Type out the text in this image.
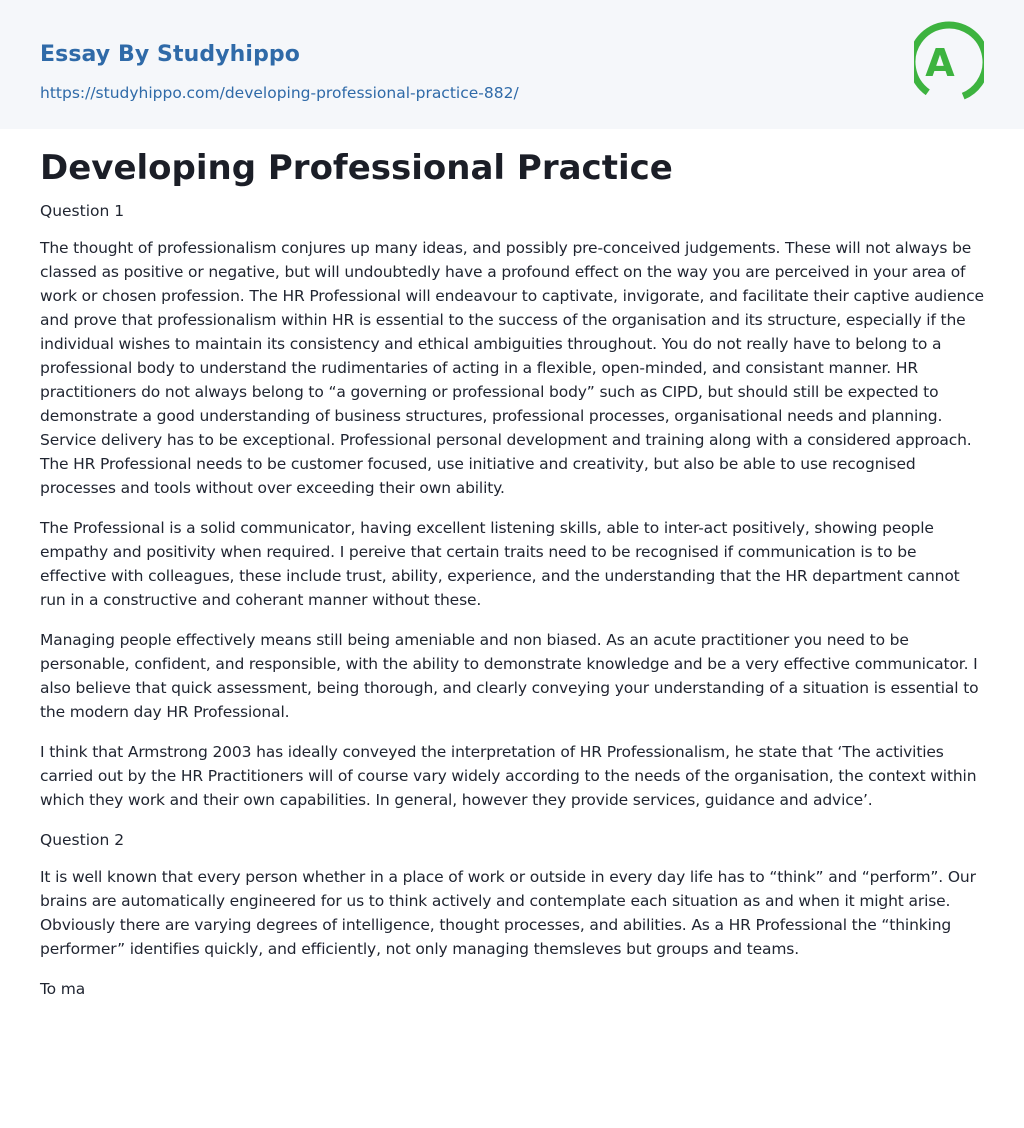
Essay By Studyhippo
https://studyhippo.com/developing-professional-practice-882/
A
Developing Professional Practice

Question 1

The thought of professionalism conjures up many ideas, and possibly pre-conceived judgements. These will not always be classed as positive or negative, but will undoubtedly have a profound effect on the way you are perceived in your area of work or chosen profession. The HR Professional will endeavour to captivate, invigorate, and facilitate their captive audience and prove that professionalism within HR is essential to the success of the organisation and its structure, especially if the individual wishes to maintain its consistency and ethical ambiguities throughout. You do not really have to belong to a professional body to understand the rudimentaries of acting in a flexible, open-minded, and consistant manner. HR practitioners do not always belong to “a governing or professional body” such as CIPD, but should still be expected to demonstrate a good understanding of business structures, professional processes, organisational needs and planning. Service delivery has to be exceptional. Professional personal development and training along with a considered approach. The HR Professional needs to be customer focused, use initiative and creativity, but also be able to use recognised processes and tools without over exceeding their own ability.

The Professional is a solid communicator, having excellent listening skills, able to inter-act positively, showing people empathy and positivity when required. I pereive that certain traits need to be recognised if communication is to be effective with colleagues, these include trust, ability, experience, and the understanding that the HR department cannot run in a constructive and coherant manner without these.

Managing people effectively means still being ameniable and non biased. As an acute practitioner you need to be personable, confident, and responsible, with the ability to demonstrate knowledge and be a very effective communicator. I also believe that quick assessment, being thorough, and clearly conveying your understanding of a situation is essential to the modern day HR Professional.

I think that Armstrong 2003 has ideally conveyed the interpretation of HR Professionalism, he state that ‘The activities carried out by the HR Practitioners will of course vary widely according to the needs of the organisation, the context within which they work and their own capabilities. In general, however they provide services, guidance and advice’.

Question 2

It is well known that every person whether in a place of work or outside in every day life has to “think” and “perform”. Our brains are automatically engineered for us to think actively and contemplate each situation as and when it might arise. Obviously there are varying degrees of intelligence, thought processes, and abilities. As a HR Professional the “thinking performer” identifies quickly, and efficiently, not only managing themsleves but groups and teams.

To ma
